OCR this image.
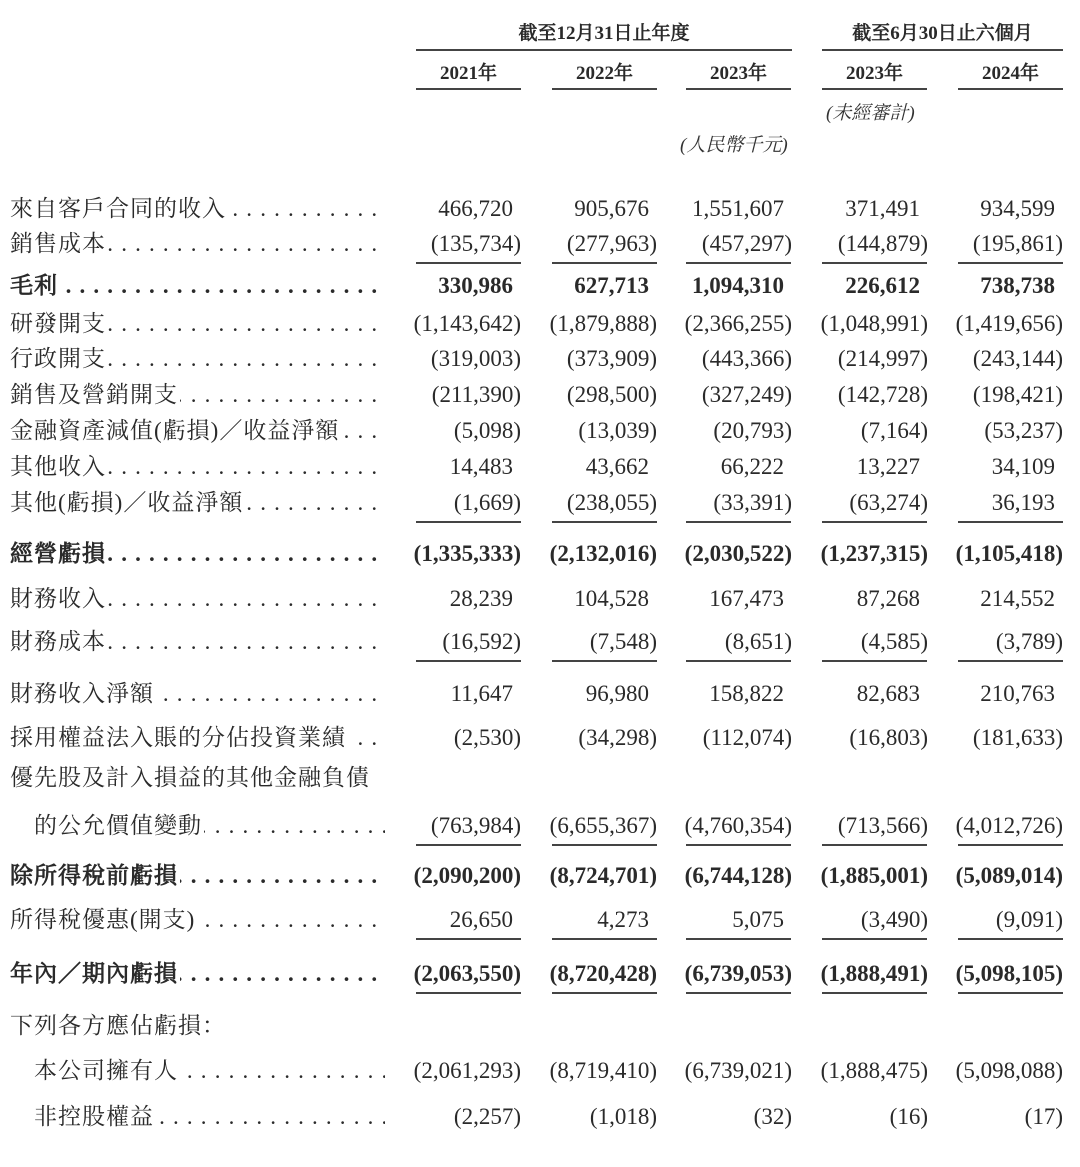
截至12月31日止年度	截至6月30日止六個月
2021年	2022年	2023年	2023年	2024年
(未經審計)
(人民幣千元)
來自客戶合同的收入 . . .	466,720	905,676	1,551,607	371,491	934,599
銷售成本 . . .	(135,734) (277,963) (457,297) (144,879) (195,861)
毛利 . . .	330,986	627,713	1,094,310	226,612	738,738
研發開支 . . .	(1,143,642) (1,879,888) (2,366,255) (1,048,991) (1,419,656)
行政開支 . . .	(319,003) (373,909) (443,366) (214,997) (243,144)
銷售及營銷開支 . . .	(211,390) (298,500) (327,249) (142,728) (198,421)
金融資產減值(虧損)／收益淨額 . . .	(5,098) (13,039) (20,793)	(7,164) (53,237)
其他收入 . . .	14,483	43,662	66,222	13,227	34,109
其他(虧損)／收益淨額 . . .	(1,669) (238,055) (33,391) (63,274)	36,193
經營虧損 . . .	(1,335,333) (2,132,016) (2,030,522) (1,237,315) (1,105,418)
財務收入 . . .	28,239	104,528	167,473	87,268	214,552
財務成本 . . .	(16,592)	(7,548)	(8,651)	(4,585)	(3,789)
財務收入淨額 . . .	11,647	96,980	158,822	82,683	210,763
採用權益法入賬的分佔投資業績 . . .	(2,530) (34,298) (112,074) (16,803) (181,633)
優先股及計入損益的其他金融負債
的公允價值變動 . . .	(763,984) (6,655,367) (4,760,354) (713,566) (4,012,726)
除所得稅前虧損 . . .	(2,090,200) (8,724,701) (6,744,128) (1,885,001) (5,089,014)
所得稅優惠(開支) . . .	26,650	4,273	5,075	(3,490)	(9,091)
年內／期內虧損 . . .	(2,063,550) (8,720,428) (6,739,053) (1,888,491) (5,098,105)
下列各方應佔虧損：
本公司擁有人 . . .	(2,061,293) (8,719,410) (6,739,021) (1,888,475) (5,098,088)
非控股權益 . . .	(2,257)	(1,018)	(32)	(16)	(17)
